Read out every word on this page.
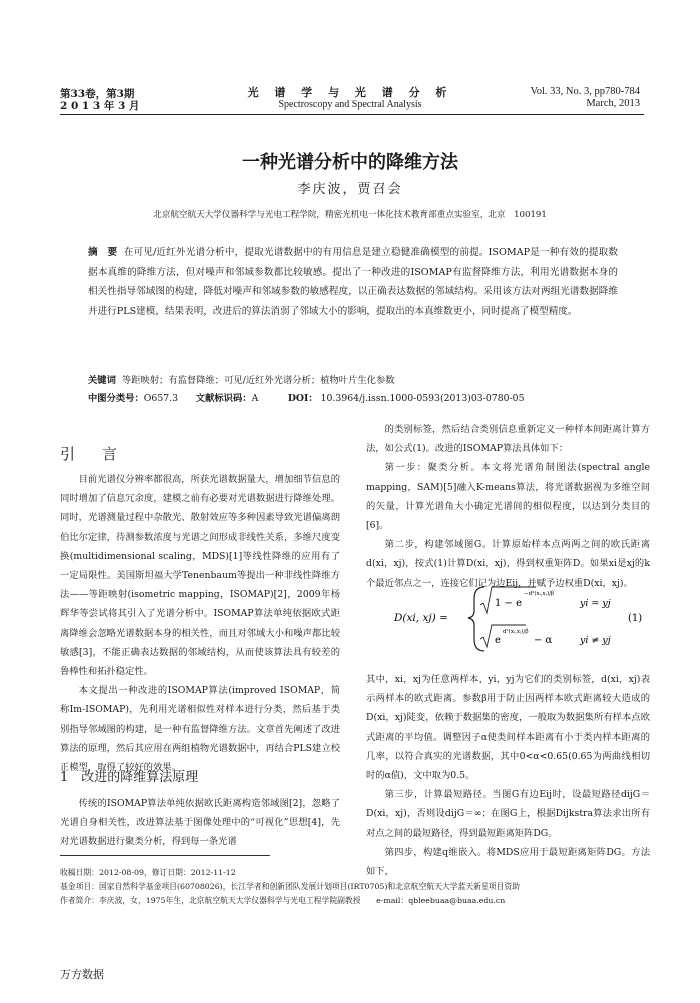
第33卷，第3期
2 0 1 3 年 3 月
光 谱 学 与 光 谱 分 析
Spectroscopy and Spectral Analysis
Vol. 33, No. 3, pp780-784
March, 2013
一种光谱分析中的降维方法
李庆波，贾召会
北京航空航天大学仪器科学与光电工程学院，精密光机电一体化技术教育部重点实验室，北京　100191
摘　要 在可见/近红外光谱分析中，提取光谱数据中的有用信息是建立稳健准确模型的前提。ISOMAP是一种有效的提取数据本真维的降维方法，但对噪声和邻域参数都比较敏感。提出了一种改进的ISOMAP有监督降维方法，利用光谱数据本身的相关性指导邻域图的构建，降低对噪声和邻域参数的敏感程度，以正确表达数据的邻域结构。采用该方法对两组光谱数据降维并进行PLS建模，结果表明，改进后的算法消弱了邻域大小的影响，提取出的本真维数更小，同时提高了模型精度。
关键词 等距映射；有监督降维；可见/近红外光谱分析；植物叶片生化参数
中图分类号：O657.3 文献标识码：A	DOI： 10.3964/j.issn.1000-0593(2013)03-0780-05
引　言

目前光谱仪分辨率都很高，所获光谱数据量大，增加细节信息的同时增加了信息冗余度，建模之前有必要对光谱数据进行降维处理。同时，光谱测量过程中杂散光、散射效应等多种因素导致光谱偏离朗伯比尔定律，待测参数浓度与光谱之间形成非线性关系，多维尺度变换(multidimensional scaling，MDS)[1]等线性降维的应用有了一定局限性。美国斯坦福大学Tenenbaum等提出一种非线性降维方法——等距映射(isometric mapping，ISOMAP)[2]，2009年杨辉华等尝试将其引入了光谱分析中。ISOMAP算法单纯依据欧式距离降维会忽略光谱数据本身的相关性，而且对邻域大小和噪声都比较敏感[3]，不能正确表达数据的邻域结构，从而使该算法具有较差的鲁棒性和拓扑稳定性。

本文提出一种改进的ISOMAP算法(improved ISOMAP，简称Im-ISOMAP)，先利用光谱相似性对样本进行分类，然后基于类别指导邻域图的构建，是一种有监督降维方法。文章首先阐述了改进算法的原理，然后其应用在两组植物光谱数据中，再结合PLS建立校正模型，取得了较好的效果。

1　改进的降维算法原理

传统的ISOMAP算法单纯依据欧氏距离构造邻域图[2]，忽略了光谱自身相关性，改进算法基于图像处理中的“可视化”思想[4]，先对光谱数据进行聚类分析，得到每一条光谱

的类别标签，然后结合类别信息重新定义一种样本间距离计算方法，如公式(1)。改进的ISOMAP算法具体如下：

第一步：聚类分析。本文将光谱角制图法(spectral angle mapping，SAM)[5]融入K-means算法，将光谱数据视为多维空间的矢量，计算光谱角大小确定光谱间的相似程度，以达到分类目的[6]。

第二步，构建邻域图G。计算原始样本点两两之间的欧氏距离d(xi，xj)，按式(1)计算D(xi，xj)，得到权重矩阵D。如果xi是xj的k个最近邻点之一，连接它们记为边Eij，并赋予边权重D(xi，xj)。

D(xi, xj) =
1 − e
−d²(xᵢ,xⱼ)/β
yi = yj
e
d²(xᵢ,xⱼ)/β
− α	yi ≠ yj
(1)

其中，xi，xj为任意两样本，yi，yj为它们的类别标签，d(xi，xj)表示两样本的欧式距离。参数β用于防止因两样本欧式距离较大造成的D(xi，xj)陡变，依赖于数据集的密度，一般取为数据集所有样本点欧式距离的平均值。调整因子α使类间样本距离有小于类内样本距离的几率，以符合真实的光谱数据，其中0<α<0.65(0.65为两曲线相切时的α值)，文中取为0.5。

第三步，计算最短路径。当图G有边Eij时，设最短路径dijG＝D(xi，xj)，否则设dijG＝∞；在图G上，根据Dijkstra算法求出所有对点之间的最短路径，得到最短距离矩阵DG。

第四步，构建q维嵌入。将MDS应用于最短距离矩阵DG。方法如下，

收稿日期：2012-08-09，修订日期：2012-11-12
基金项目：国家自然科学基金项目(60708026)，长江学者和创新团队发展计划项目(IRT0705)和北京航空航天大学蓝天新星项目资助
作者简介：李庆波，女，1975年生，北京航空航天大学仪器科学与光电工程学院副教授　　e-mail：qbleebuaa@buaa.edu.cn
万方数据
